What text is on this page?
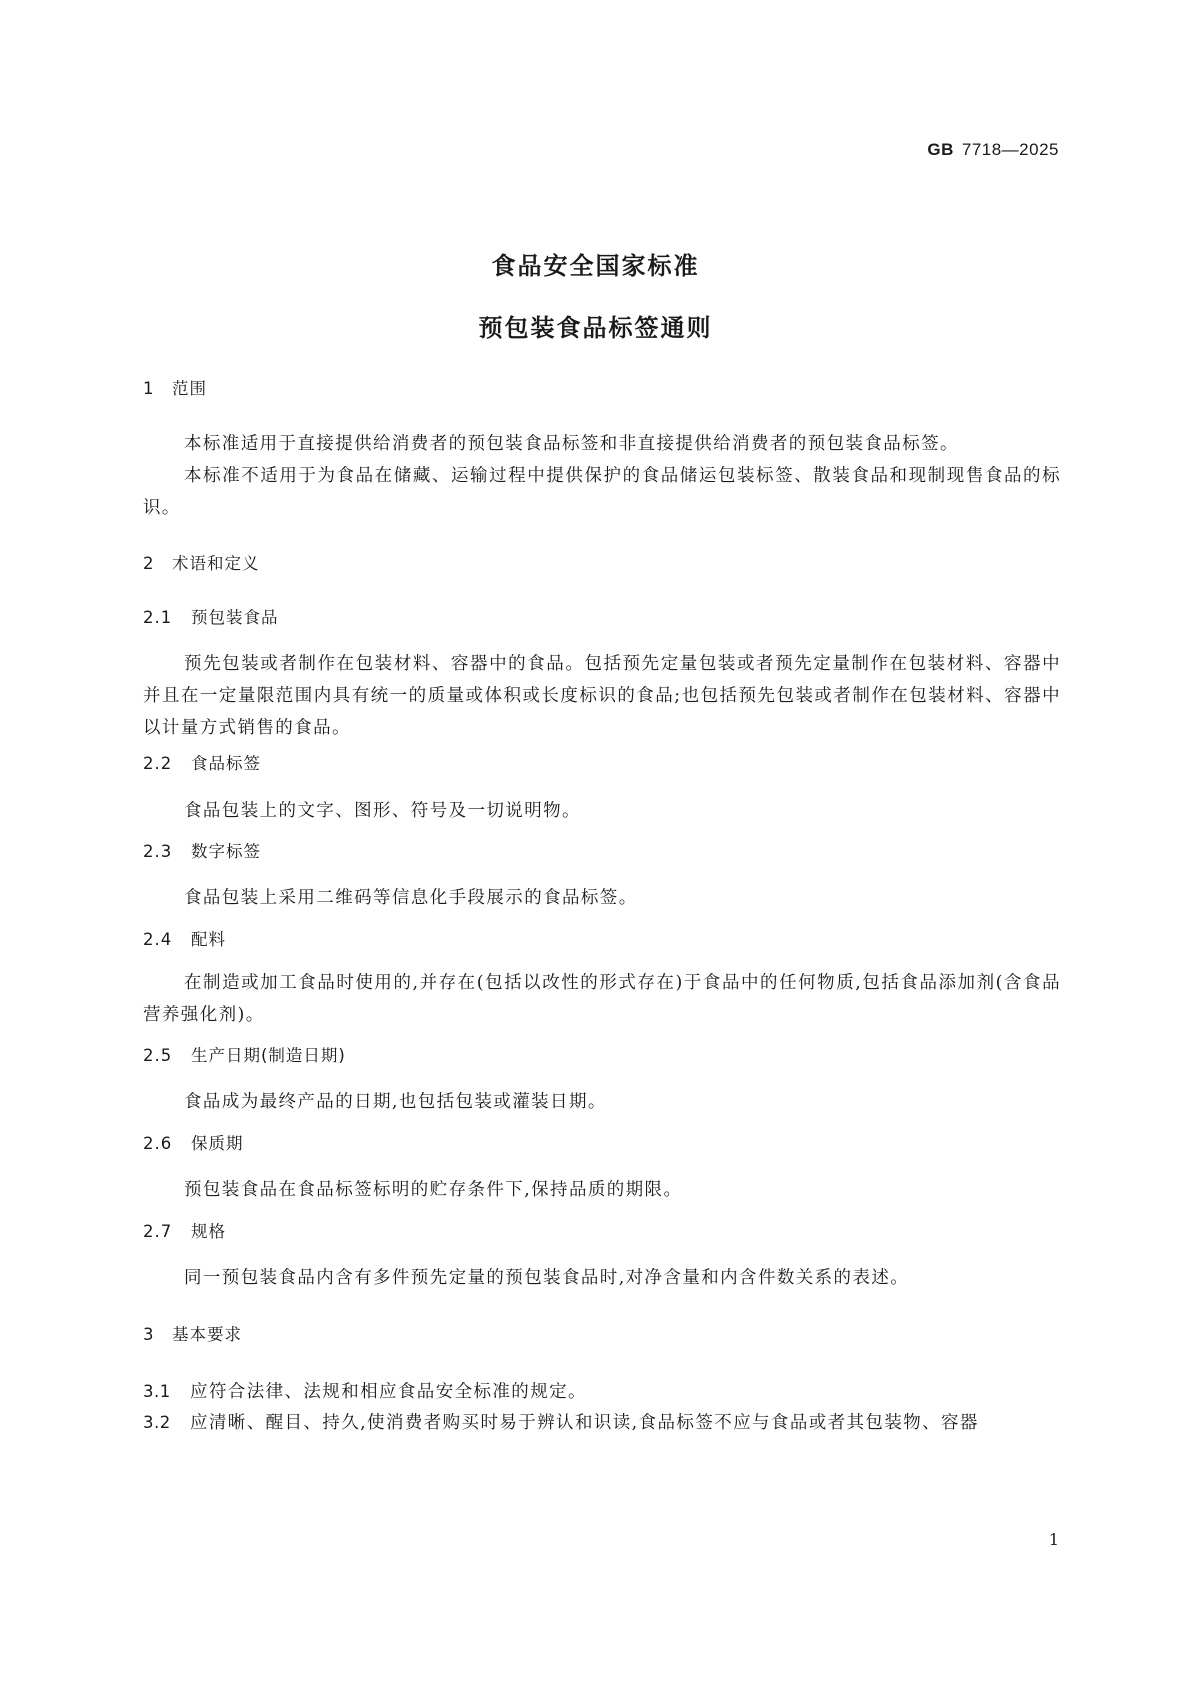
GB 7718—2025
食品安全国家标准
预包装食品标签通则
1 范围
本标准适用于直接提供给消费者的预包装食品标签和非直接提供给消费者的预包装食品标签。
本标准不适用于为食品在储藏、运输过程中提供保护的食品储运包装标签、散装食品和现制现售食品的标识。
2 术语和定义
2.1 预包装食品
预先包装或者制作在包装材料、容器中的食品。包括预先定量包装或者预先定量制作在包装材料、容器中并且在一定量限范围内具有统一的质量或体积或长度标识的食品;也包括预先包装或者制作在包装材料、容器中以计量方式销售的食品。
2.2 食品标签
食品包装上的文字、图形、符号及一切说明物。
2.3 数字标签
食品包装上采用二维码等信息化手段展示的食品标签。
2.4 配料
在制造或加工食品时使用的,并存在(包括以改性的形式存在)于食品中的任何物质,包括食品添加剂(含食品营养强化剂)。
2.5 生产日期(制造日期)
食品成为最终产品的日期,也包括包装或灌装日期。
2.6 保质期
预包装食品在食品标签标明的贮存条件下,保持品质的期限。
2.7 规格
同一预包装食品内含有多件预先定量的预包装食品时,对净含量和内含件数关系的表述。
3 基本要求
3.1 应符合法律、法规和相应食品安全标准的规定。
3.2 应清晰、醒目、持久,使消费者购买时易于辨认和识读,食品标签不应与食品或者其包装物、容器
1
